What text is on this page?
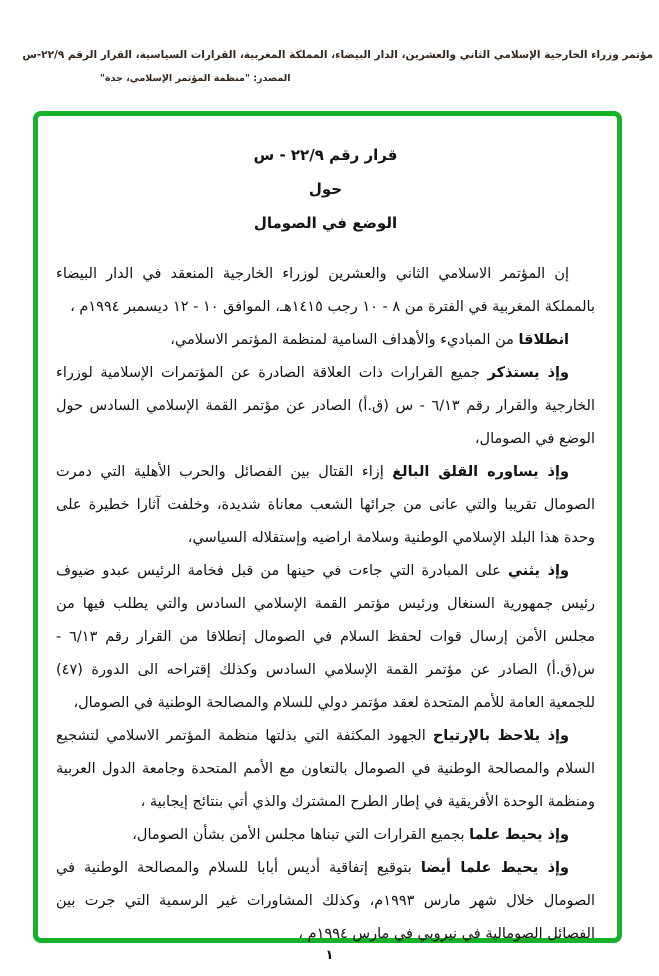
مؤتمر وزراء الخارجية الإسلامي الثاني والعشرين، الدار البيضاء، المملكة المغربية، القرارات السياسية، القرار الرقم ٢٢/٩-س
المصدر: "منظمة المؤتمر الإسلامي، جدة"
قرار رقم ٢٢/٩ - س
حول
الوضع في الصومال

إن المؤتمر الاسلامي الثاني والعشرين لوزراء الخارجية المنعقد في الدار البيضاء بالمملكة المغربية في الفترة من ٨ - ١٠ رجب ١٤١٥هـ، الموافق ١٠ - ١٢ ديسمبر ١٩٩٤م ،

انطلاقا من المباديء والأهداف السامية لمنظمة المؤتمر الاسلامي،

وإذ يستذكر جميع القرارات ذات العلاقة الصادرة عن المؤتمرات الإسلامية لوزراء الخارجية والقرار رقم ٦/١٣ - س (ق.أ) الصادر عن مؤتمر القمة الإسلامي السادس حول الوضع في الصومال،

وإذ يساوره القلق البالغ إزاء القتال بين الفصائل والحرب الأهلية التي دمرت الصومال تقريبا والتي عانى من جرائها الشعب معاناة شديدة، وخلفت آثارا خطيرة على وحدة هذا البلد الإسلامي الوطنية وسلامة اراضيه وإستقلاله السياسي،

وإذ يثني على المبادرة التي جاءت في حينها من قبل فخامة الرئيس عبدو ضيوف رئيس جمهورية السنغال ورئيس مؤتمر القمة الإسلامي السادس والتي يطلب فيها من مجلس الأمن إرسال قوات لحفظ السلام في الصومال إنطلاقا من القرار رقم ٦/١٣ - س(ق.أ) الصادر عن مؤتمر القمة الإسلامي السادس وكذلك إقتراحه الى الدورة (٤٧) للجمعية العامة للأمم المتحدة لعقد مؤتمر دولي للسلام والمصالحة الوطنية في الصومال،

وإذ يلاحظ بالإرتياح الجهود المكثفة التي بذلتها منظمة المؤتمر الاسلامي لتشجيع السلام والمصالحة الوطنية في الصومال بالتعاون مع الأمم المتحدة وجامعة الدول العربية ومنظمة الوحدة الأفريقية في إطار الطرح المشترك والذي أتي بنتائج إيجابية ،

وإذ يحيط علما بجميع القرارات التي تبناها مجلس الأمن بشأن الصومال،

وإذ يحيط علما أيضا بتوقيع إتفاقية أديس أبابا للسلام والمصالحة الوطنية في الصومال خلال شهر مارس ١٩٩٣م، وكذلك المشاورات غير الرسمية التي جرت بين الفصائل الصومالية في نيروبي في مارس ١٩٩٤م ،

١
